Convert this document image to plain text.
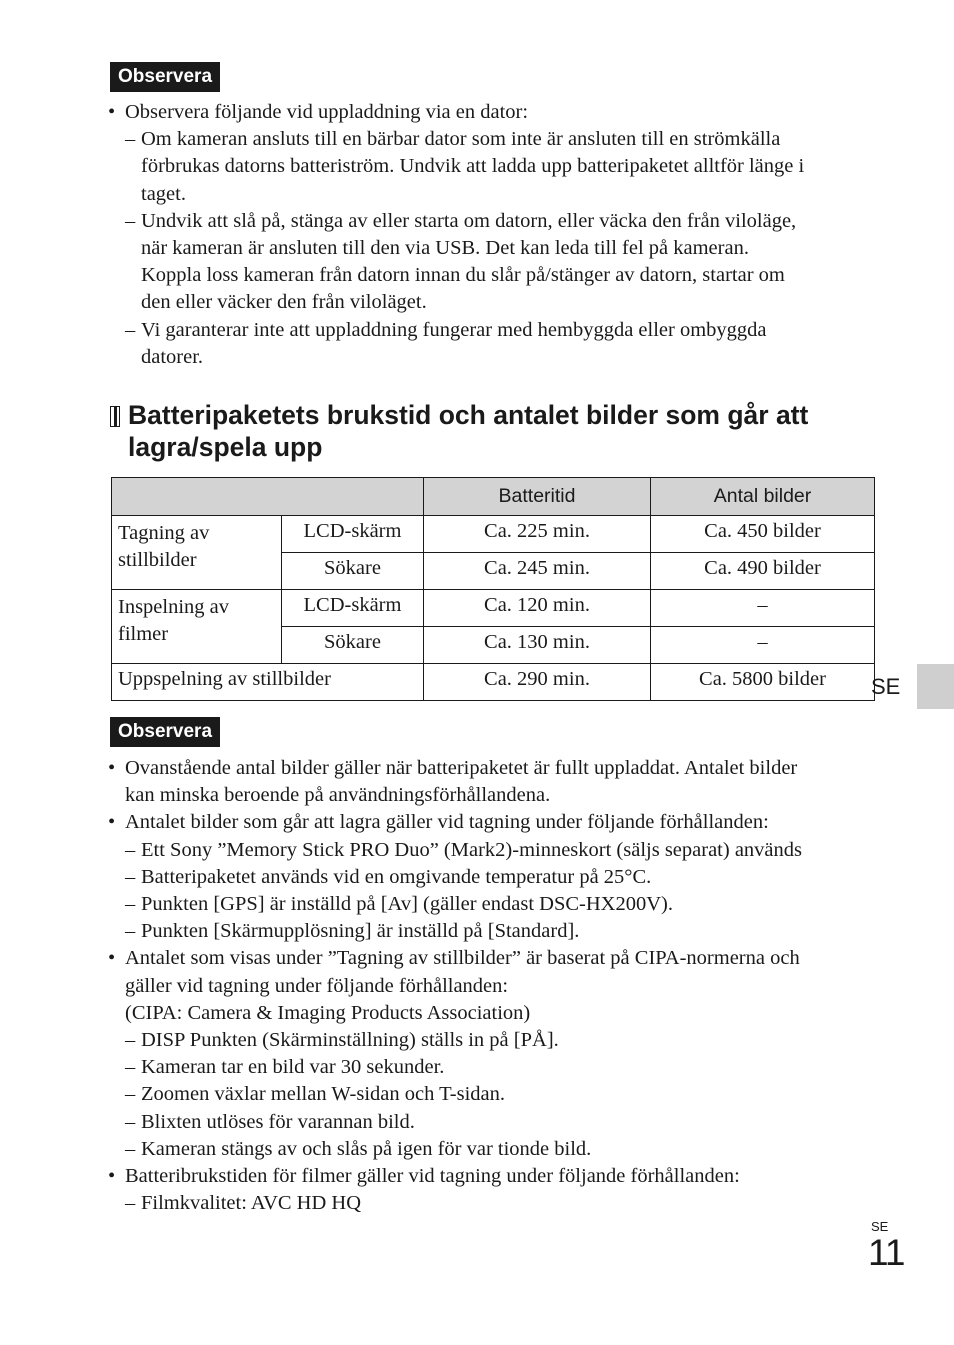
Observera
• Observera följande vid uppladdning via en dator:
– Om kameran ansluts till en bärbar dator som inte är ansluten till en strömkälla
förbrukas datorns batteriström. Undvik att ladda upp batteripaketet alltför länge i
taget.
– Undvik att slå på, stänga av eller starta om datorn, eller väcka den från viloläge,
när kameran är ansluten till den via USB. Det kan leda till fel på kameran.
Koppla loss kameran från datorn innan du slår på/stänger av datorn, startar om
den eller väcker den från viloläget.
– Vi garanterar inte att uppladdning fungerar med hembyggda eller ombyggda
datorer.
Batteripaketets brukstid och antalet bilder som går att
lagra/spela upp
		Batteritid	Antal bilder

Tagning av
stillbilder	LCD-skärm	Ca. 225 min.	Ca. 450 bilder
	Sökare	Ca. 245 min.	Ca. 490 bilder

Inspelning av
filmer	LCD-skärm	Ca. 120 min.	–
	Sökare	Ca. 130 min.	–
Uppspelning av stillbilder		Ca. 290 min.	Ca. 5800 bilder SE
Observera
• Ovanstående antal bilder gäller när batteripaketet är fullt uppladdat. Antalet bilder
kan minska beroende på användningsförhållandena.
• Antalet bilder som går att lagra gäller vid tagning under följande förhållanden:
– Ett Sony ”Memory Stick PRO Duo” (Mark2)-minneskort (säljs separat) används
– Batteripaketet används vid en omgivande temperatur på 25°C.
– Punkten [GPS] är inställd på [Av] (gäller endast DSC-HX200V).
– Punkten [Skärmupplösning] är inställd på [Standard].
• Antalet som visas under ”Tagning av stillbilder” är baserat på CIPA-normerna och
gäller vid tagning under följande förhållanden:
(CIPA: Camera & Imaging Products Association)
– DISP Punkten (Skärminställning) ställs in på [PÅ].
– Kameran tar en bild var 30 sekunder.
– Zoomen växlar mellan W-sidan och T-sidan.
– Blixten utlöses för varannan bild.
– Kameran stängs av och slås på igen för var tionde bild.
• Batteribrukstiden för filmer gäller vid tagning under följande förhållanden:
– Filmkvalitet: AVC HD HQ
SE
11
